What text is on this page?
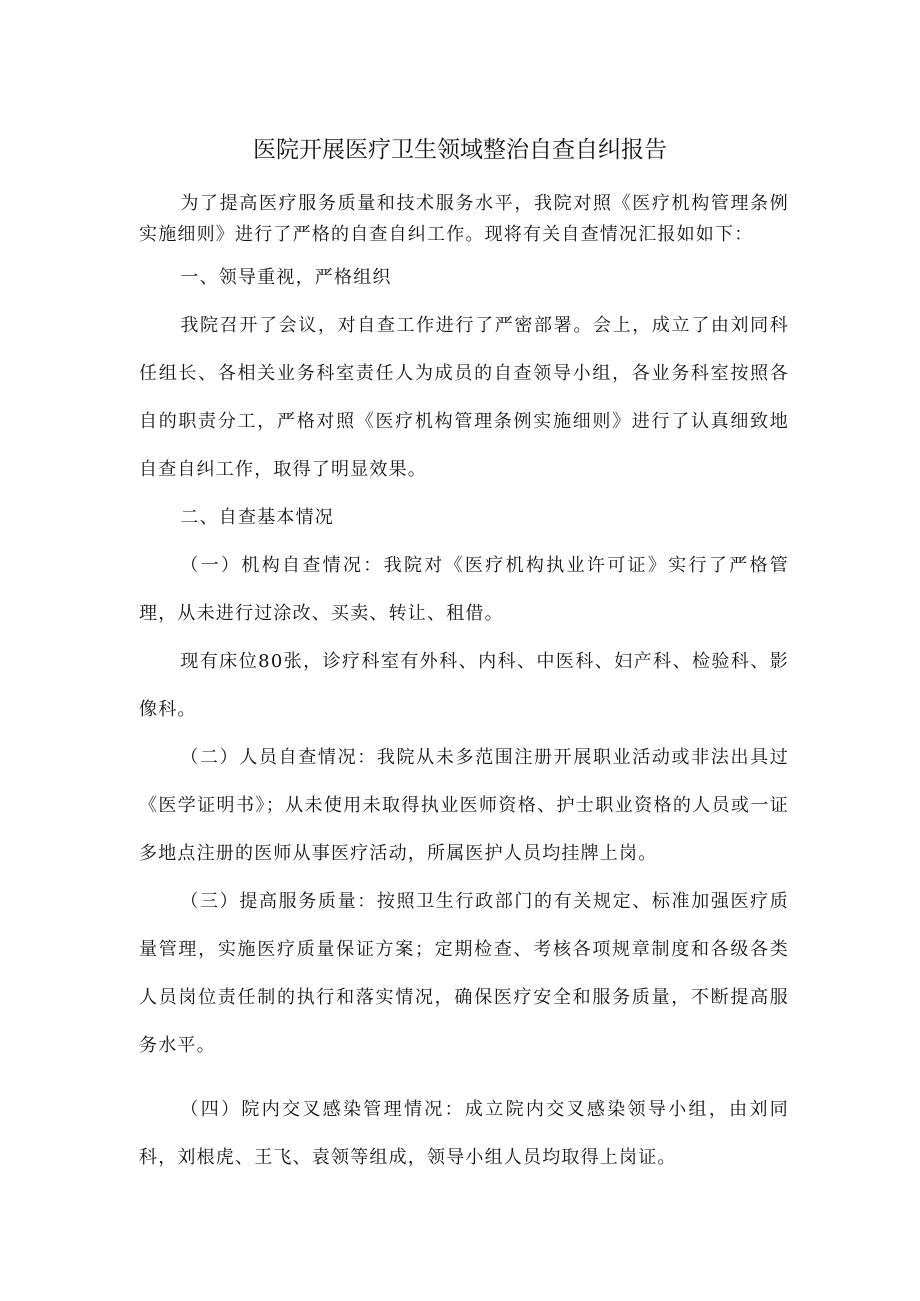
医院开展医疗卫生领域整治自查自纠报告

为了提高医疗服务质量和技术服务水平，我院对照《医疗机构管理条例实施细则》进行了严格的自查自纠工作。现将有关自查情况汇报如如下：

一、领导重视，严格组织

我院召开了会议，对自查工作进行了严密部署。会上，成立了由刘同科任组长、各相关业务科室责任人为成员的自查领导小组，各业务科室按照各自的职责分工，严格对照《医疗机构管理条例实施细则》进行了认真细致地自查自纠工作，取得了明显效果。

二、自查基本情况

（一）机构自查情况：我院对《医疗机构执业许可证》实行了严格管理，从未进行过涂改、买卖、转让、租借。

现有床位80张，诊疗科室有外科、内科、中医科、妇产科、检验科、影像科。

（二）人员自查情况：我院从未多范围注册开展职业活动或非法出具过《医学证明书》；从未使用未取得执业医师资格、护士职业资格的人员或一证多地点注册的医师从事医疗活动，所属医护人员均挂牌上岗。

（三）提高服务质量：按照卫生行政部门的有关规定、标准加强医疗质量管理，实施医疗质量保证方案；定期检查、考核各项规章制度和各级各类人员岗位责任制的执行和落实情况，确保医疗安全和服务质量，不断提高服务水平。

（四）院内交叉感染管理情况：成立院内交叉感染领导小组，由刘同科，刘根虎、王飞、袁领等组成，领导小组人员均取得上岗证。
